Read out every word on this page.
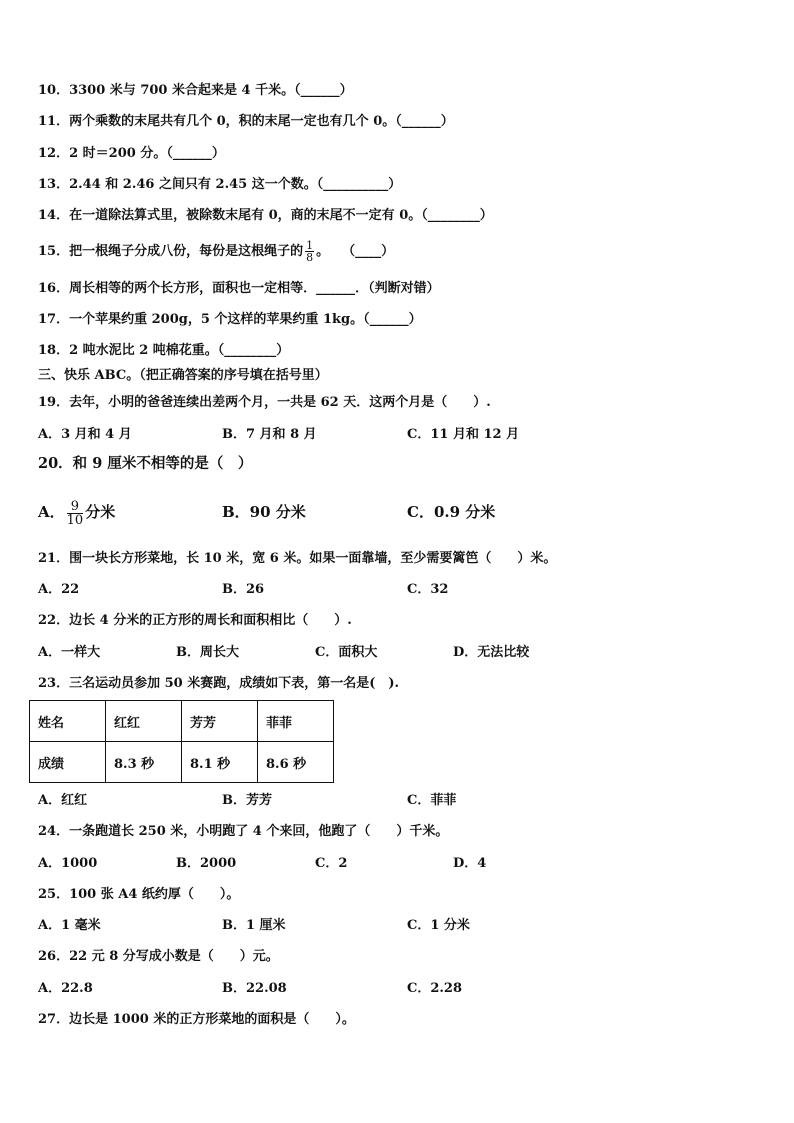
10．3300 米与 700 米合起来是 4 千米。（______）
11．两个乘数的末尾共有几个 0，积的末尾一定也有几个 0。（______）
12．2 时＝200 分。（______）
13．2.44 和 2.46 之间只有 2.45 这一个数。（__________）
14．在一道除法算式里，被除数末尾有 0，商的末尾不一定有 0。（________）
15．把一根绳子分成八份，每份是这根绳子的 $\frac{1}{8}$ 。　　（____）
16．周长相等的两个长方形，面积也一定相等．______．（判断对错）
17．一个苹果约重 200g，5 个这样的苹果约重 1kg。（______）
18．2 吨水泥比 2 吨棉花重。（________）
三、快乐 ABC。（把正确答案的序号填在括号里）
19．去年，小明的爸爸连续出差两个月，一共是 62 天．这两个月是（　　）.
A．3 月和 4 月	B．7 月和 8 月	C．11 月和 12 月
20．和 9 厘米不相等的是（　）
A． $\frac{9}{10}$ 分米	B．90 分米	C．0.9 分米
21．围一块长方形菜地，长 10 米，宽 6 米。如果一面靠墙，至少需要篱笆（　　）米。
A．22	B．26	C．32
22．边长 4 分米的正方形的周长和面积相比（　　）.
A．一样大	B．周长大	C．面积大	D．无法比较
23．三名运动员参加 50 米赛跑，成绩如下表，第一名是(　).
姓名	红红	芳芳	菲菲
成绩	8.3 秒	8.1 秒	8.6 秒
A．红红	B．芳芳	C．菲菲
24．一条跑道长 250 米，小明跑了 4 个来回，他跑了（　　）千米。
A．1000	B．2000	C．2	D．4
25．100 张 A4 纸约厚（　　）。
A．1 毫米	B．1 厘米	C．1 分米
26．22 元 8 分写成小数是（　　）元。
A．22.8	B．22.08	C．2.28
27．边长是 1000 米的正方形菜地的面积是（　　）。
